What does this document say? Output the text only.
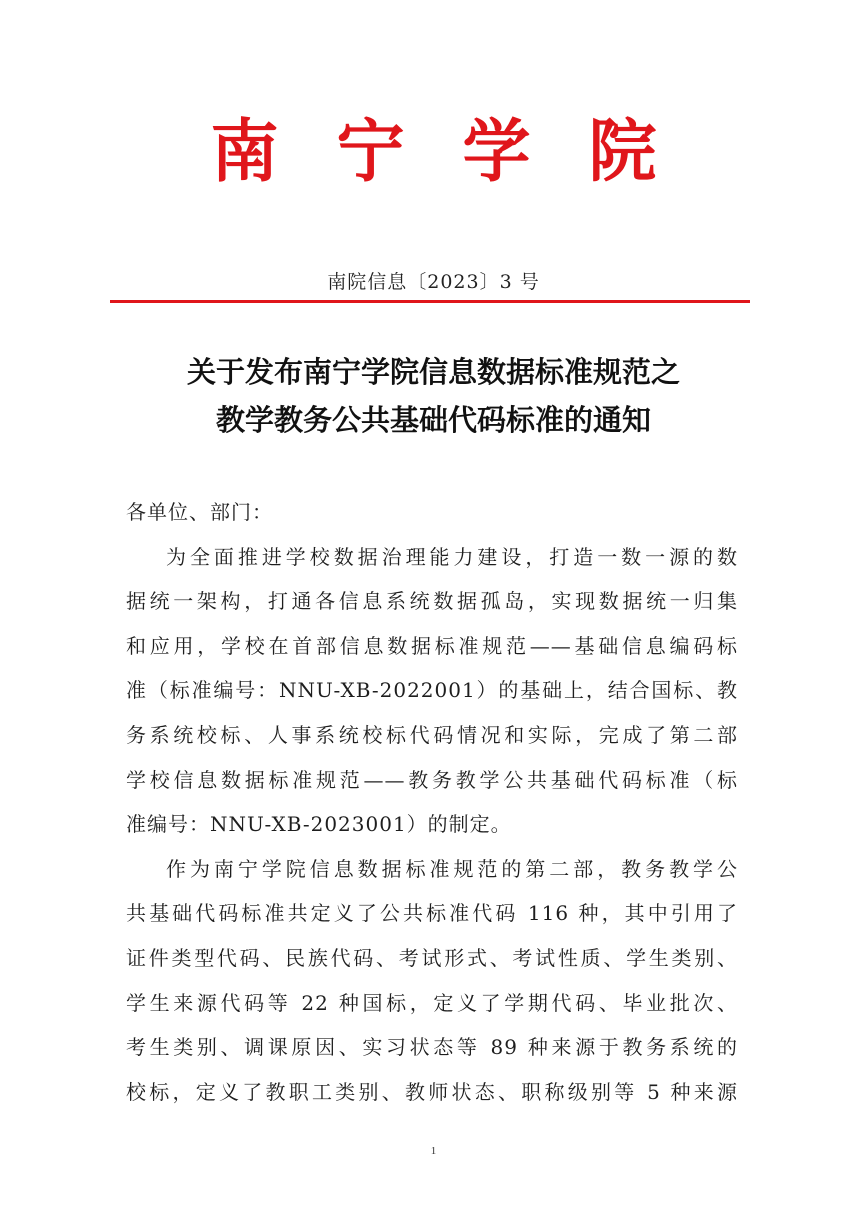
南宁学院
南院信息〔2023〕3 号
关于发布南宁学院信息数据标准规范之
教学教务公共基础代码标准的通知
各单位、部门：
为全面推进学校数据治理能力建设，打造一数一源的数
据统一架构，打通各信息系统数据孤岛，实现数据统一归集
和应用，学校在首部信息数据标准规范——基础信息编码标
准（标准编号：NNU-XB-2022001）的基础上，结合国标、教
务系统校标、人事系统校标代码情况和实际，完成了第二部
学校信息数据标准规范——教务教学公共基础代码标准（标
准编号：NNU-XB-2023001）的制定。
作为南宁学院信息数据标准规范的第二部，教务教学公
共基础代码标准共定义了公共标准代码 116 种，其中引用了
证件类型代码、民族代码、考试形式、考试性质、学生类别、
学生来源代码等 22 种国标，定义了学期代码、毕业批次、
考生类别、调课原因、实习状态等 89 种来源于教务系统的
校标，定义了教职工类别、教师状态、职称级别等 5 种来源
1
